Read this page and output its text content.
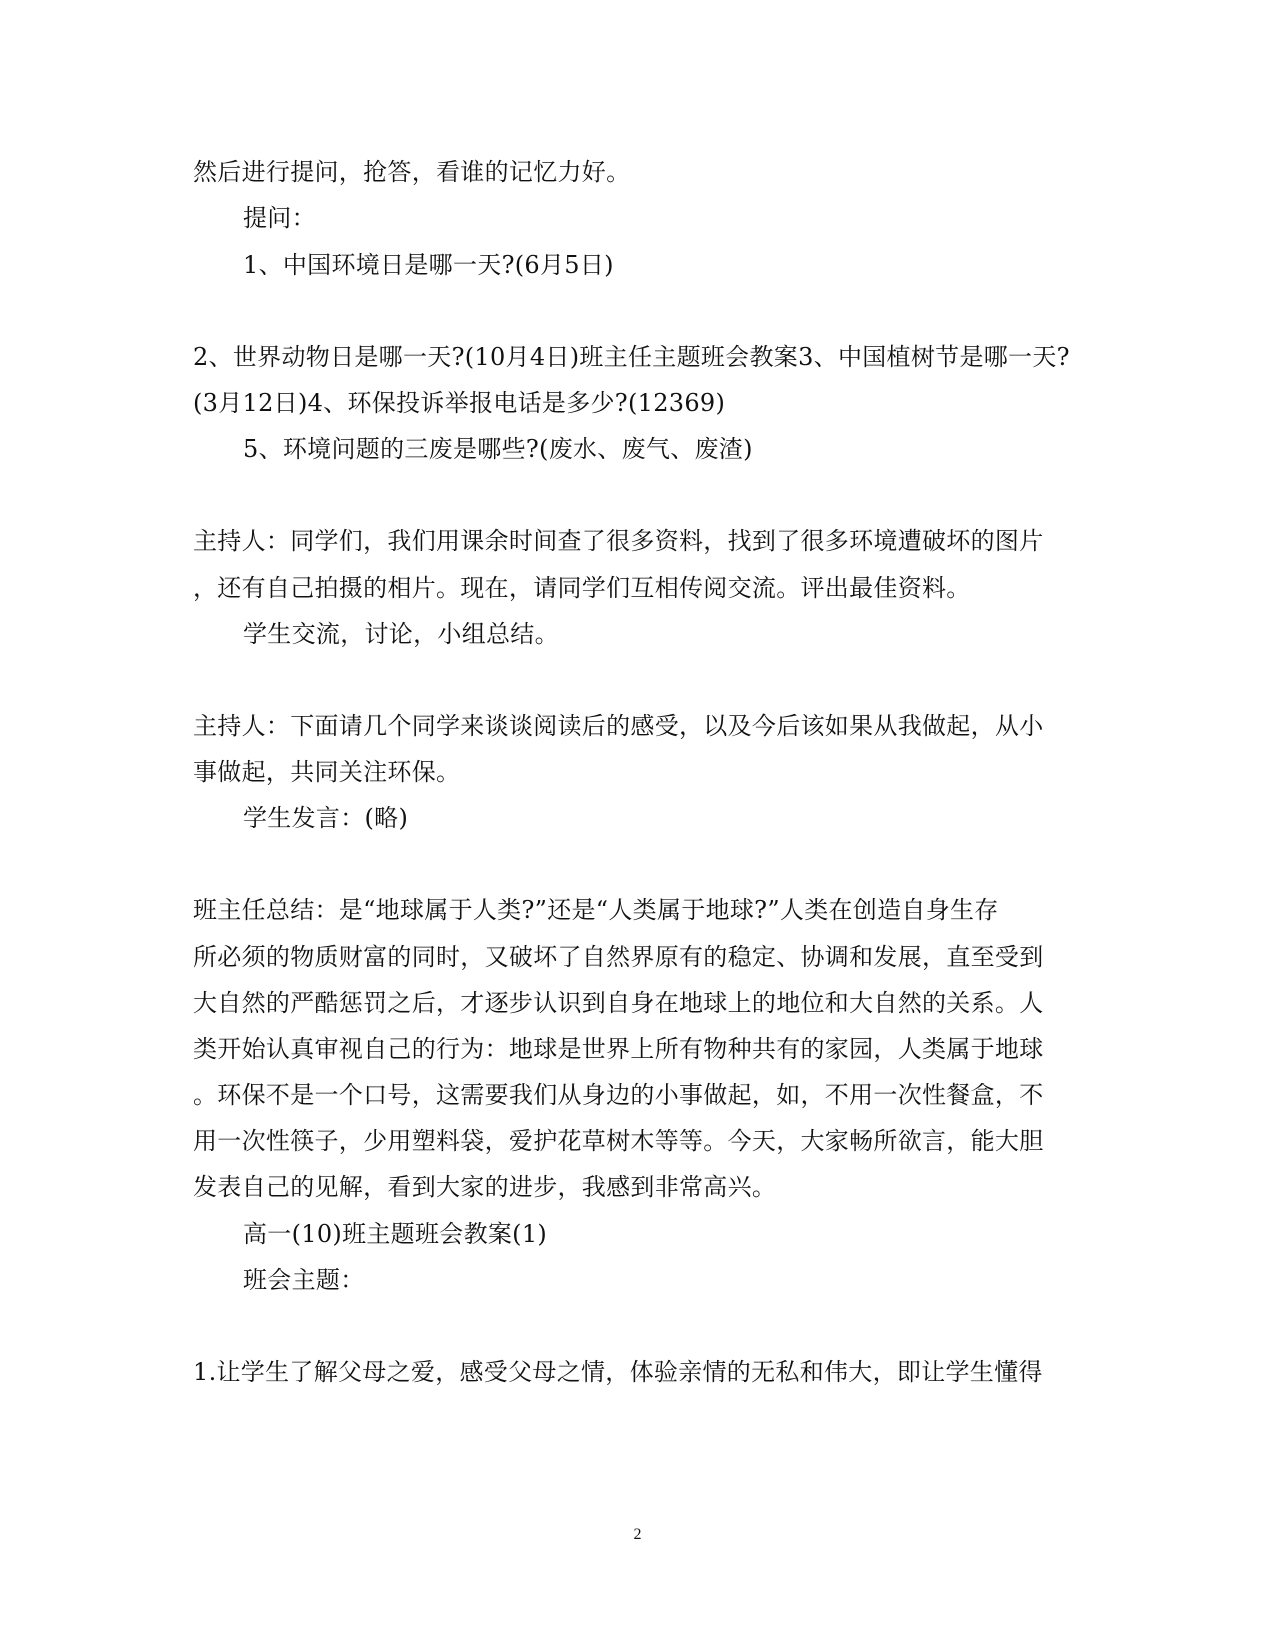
然后进行提问，抢答，看谁的记忆力好。
提问：
1、中国环境日是哪一天?(6月5日)
2、世界动物日是哪一天?(10月4日)班主任主题班会教案3、中国植树节是哪一天?
(3月12日)4、环保投诉举报电话是多少?(12369)
5、环境问题的三废是哪些?(废水、废气、废渣)
主持人：同学们，我们用课余时间查了很多资料，找到了很多环境遭破坏的图片
，还有自己拍摄的相片。现在，请同学们互相传阅交流。评出最佳资料。
学生交流，讨论，小组总结。
主持人：下面请几个同学来谈谈阅读后的感受，以及今后该如果从我做起，从小
事做起，共同关注环保。
学生发言：(略)
班主任总结：是“地球属于人类?”还是“人类属于地球?”人类在创造自身生存
所必须的物质财富的同时，又破坏了自然界原有的稳定、协调和发展，直至受到
大自然的严酷惩罚之后，才逐步认识到自身在地球上的地位和大自然的关系。人
类开始认真审视自己的行为：地球是世界上所有物种共有的家园，人类属于地球
。环保不是一个口号，这需要我们从身边的小事做起，如，不用一次性餐盒，不
用一次性筷子，少用塑料袋，爱护花草树木等等。今天，大家畅所欲言，能大胆
发表自己的见解，看到大家的进步，我感到非常高兴。
高一(10)班主题班会教案(1)
班会主题：
1.让学生了解父母之爱，感受父母之情，体验亲情的无私和伟大，即让学生懂得
2
